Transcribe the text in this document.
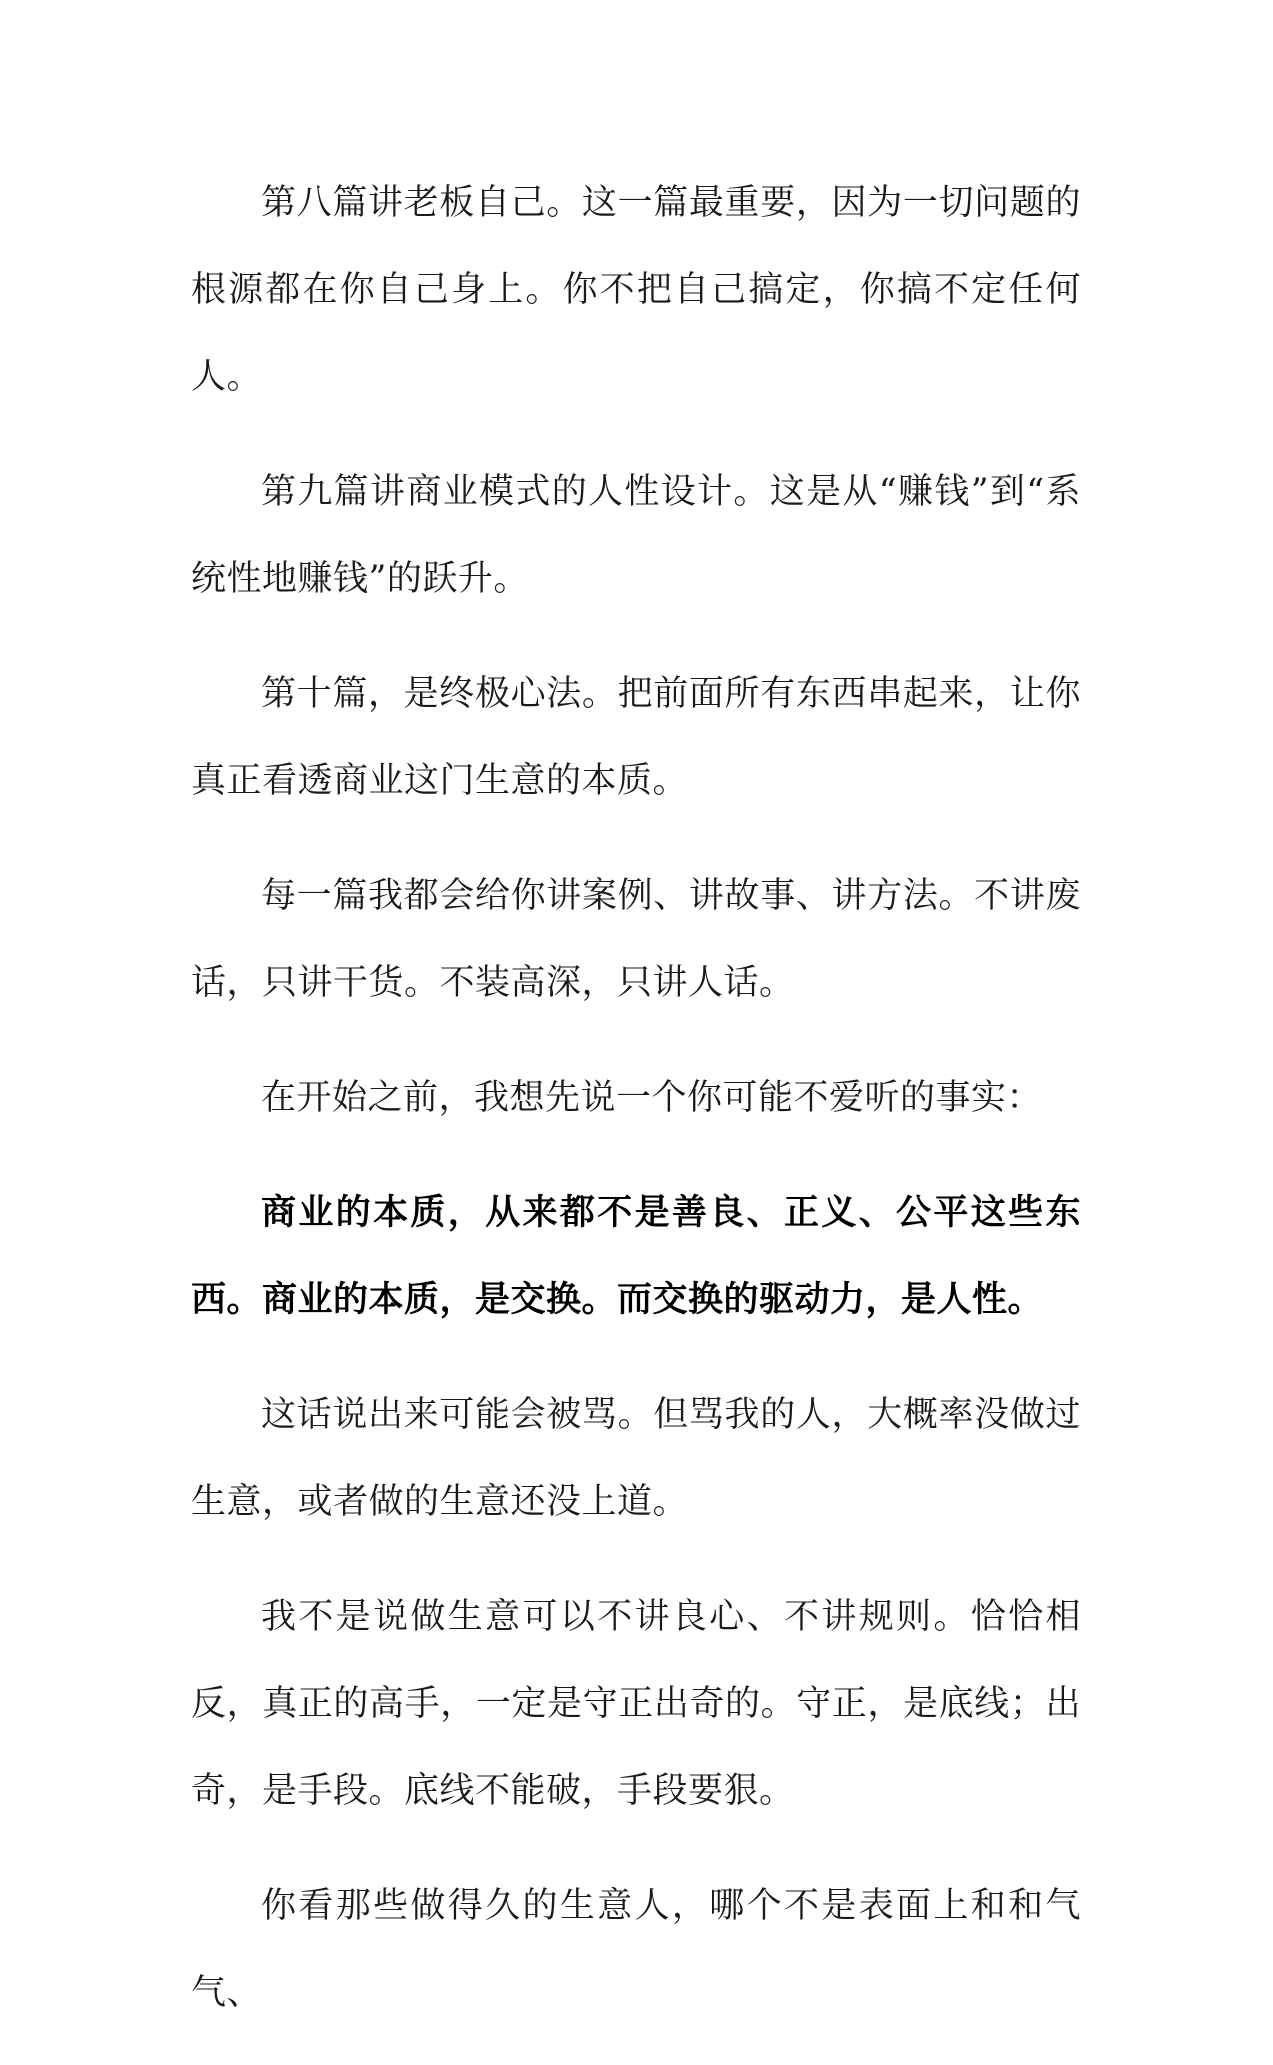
第八篇讲老板自己。这一篇最重要，因为一切问题的根源都在你自己身上。你不把自己搞定，你搞不定任何人。

第九篇讲商业模式的人性设计。这是从“赚钱”到“系统性地赚钱”的跃升。

第十篇，是终极心法。把前面所有东西串起来，让你真正看透商业这门生意的本质。

每一篇我都会给你讲案例、讲故事、讲方法。不讲废话，只讲干货。不装高深，只讲人话。

在开始之前，我想先说一个你可能不爱听的事实：

商业的本质，从来都不是善良、正义、公平这些东西。商业的本质，是交换。而交换的驱动力，是人性。

这话说出来可能会被骂。但骂我的人，大概率没做过生意，或者做的生意还没上道。

我不是说做生意可以不讲良心、不讲规则。恰恰相反，真正的高手，一定是守正出奇的。守正，是底线；出奇，是手段。底线不能破，手段要狠。

你看那些做得久的生意人，哪个不是表面上和和气气、
